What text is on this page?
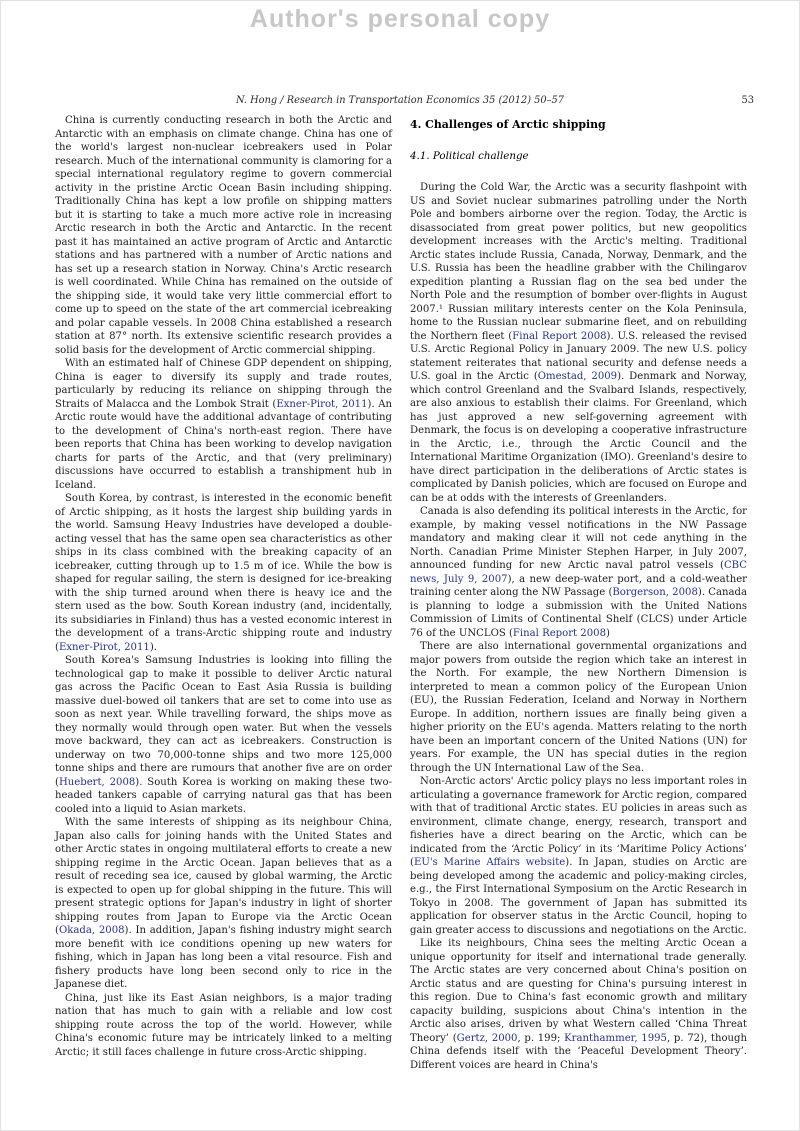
Author's personal copy
N. Hong / Research in Transportation Economics 35 (2012) 50–57	53

China is currently conducting research in both the Arctic and Antarctic with an emphasis on climate change. China has one of the world's largest non-nuclear icebreakers used in Polar research. Much of the international community is clamoring for a special international regulatory regime to govern commercial activity in the pristine Arctic Ocean Basin including shipping. Traditionally China has kept a low profile on shipping matters but it is starting to take a much more active role in increasing Arctic research in both the Arctic and Antarctic. In the recent past it has maintained an active program of Arctic and Antarctic stations and has partnered with a number of Arctic nations and has set up a research station in Norway. China's Arctic research is well coordinated. While China has remained on the outside of the shipping side, it would take very little commercial effort to come up to speed on the state of the art commercial icebreaking and polar capable vessels. In 2008 China established a research station at 87° north. Its extensive scientific research provides a solid basis for the development of Arctic commercial shipping.

With an estimated half of Chinese GDP dependent on shipping, China is eager to diversify its supply and trade routes, particularly by reducing its reliance on shipping through the Straits of Malacca and the Lombok Strait (Exner-Pirot, 2011). An Arctic route would have the additional advantage of contributing to the development of China's north-east region. There have been reports that China has been working to develop navigation charts for parts of the Arctic, and that (very preliminary) discussions have occurred to establish a transhipment hub in Iceland.

South Korea, by contrast, is interested in the economic benefit of Arctic shipping, as it hosts the largest ship building yards in the world. Samsung Heavy Industries have developed a double-acting vessel that has the same open sea characteristics as other ships in its class combined with the breaking capacity of an icebreaker, cutting through up to 1.5 m of ice. While the bow is shaped for regular sailing, the stern is designed for ice-breaking with the ship turned around when there is heavy ice and the stern used as the bow. South Korean industry (and, incidentally, its subsidiaries in Finland) thus has a vested economic interest in the development of a trans-Arctic shipping route and industry (Exner-Pirot, 2011).

South Korea's Samsung Industries is looking into filling the technological gap to make it possible to deliver Arctic natural gas across the Pacific Ocean to East Asia Russia is building massive duel-bowed oil tankers that are set to come into use as soon as next year. While travelling forward, the ships move as they normally would through open water. But when the vessels move backward, they can act as icebreakers. Construction is underway on two 70,000-tonne ships and two more 125,000 tonne ships and there are rumours that another five are on order (Huebert, 2008). South Korea is working on making these two-headed tankers capable of carrying natural gas that has been cooled into a liquid to Asian markets.

With the same interests of shipping as its neighbour China, Japan also calls for joining hands with the United States and other Arctic states in ongoing multilateral efforts to create a new shipping regime in the Arctic Ocean. Japan believes that as a result of receding sea ice, caused by global warming, the Arctic is expected to open up for global shipping in the future. This will present strategic options for Japan's industry in light of shorter shipping routes from Japan to Europe via the Arctic Ocean (Okada, 2008). In addition, Japan's fishing industry might search more benefit with ice conditions opening up new waters for fishing, which in Japan has long been a vital resource. Fish and fishery products have long been second only to rice in the Japanese diet.

China, just like its East Asian neighbors, is a major trading nation that has much to gain with a reliable and low cost shipping route across the top of the world. However, while China's economic future may be intricately linked to a melting Arctic; it still faces challenge in future cross-Arctic shipping.

4. Challenges of Arctic shipping
4.1. Political challenge

During the Cold War, the Arctic was a security flashpoint with US and Soviet nuclear submarines patrolling under the North Pole and bombers airborne over the region. Today, the Arctic is disassociated from great power politics, but new geopolitics development increases with the Arctic's melting. Traditional Arctic states include Russia, Canada, Norway, Denmark, and the U.S. Russia has been the headline grabber with the Chilingarov expedition planting a Russian flag on the sea bed under the North Pole and the resumption of bomber over-flights in August 2007.¹ Russian military interests center on the Kola Peninsula, home to the Russian nuclear submarine fleet, and on rebuilding the Northern fleet (Final Report 2008). U.S. released the revised U.S. Arctic Regional Policy in January 2009. The new U.S. policy statement reiterates that national security and defense needs a U.S. goal in the Arctic (Omestad, 2009). Denmark and Norway, which control Greenland and the Svalbard Islands, respectively, are also anxious to establish their claims. For Greenland, which has just approved a new self-governing agreement with Denmark, the focus is on developing a cooperative infrastructure in the Arctic, i.e., through the Arctic Council and the International Maritime Organization (IMO). Greenland's desire to have direct participation in the deliberations of Arctic states is complicated by Danish policies, which are focused on Europe and can be at odds with the interests of Greenlanders.

Canada is also defending its political interests in the Arctic, for example, by making vessel notifications in the NW Passage mandatory and making clear it will not cede anything in the North. Canadian Prime Minister Stephen Harper, in July 2007, announced funding for new Arctic naval patrol vessels (CBC news, July 9, 2007), a new deep-water port, and a cold-weather training center along the NW Passage (Borgerson, 2008). Canada is planning to lodge a submission with the United Nations Commission of Limits of Continental Shelf (CLCS) under Article 76 of the UNCLOS (Final Report 2008)

There are also international governmental organizations and major powers from outside the region which take an interest in the North. For example, the new Northern Dimension is interpreted to mean a common policy of the European Union (EU), the Russian Federation, Iceland and Norway in Northern Europe. In addition, northern issues are finally being given a higher priority on the EU's agenda. Matters relating to the north have been an important concern of the United Nations (UN) for years. For example, the UN has special duties in the region through the UN International Law of the Sea.

Non-Arctic actors' Arctic policy plays no less important roles in articulating a governance framework for Arctic region, compared with that of traditional Arctic states. EU policies in areas such as environment, climate change, energy, research, transport and fisheries have a direct bearing on the Arctic, which can be indicated from the ‘Arctic Policy’ in its ‘Maritime Policy Actions’ (EU's Marine Affairs website). In Japan, studies on Arctic are being developed among the academic and policy-making circles, e.g., the First International Symposium on the Arctic Research in Tokyo in 2008. The government of Japan has submitted its application for observer status in the Arctic Council, hoping to gain greater access to discussions and negotiations on the Arctic.

Like its neighbours, China sees the melting Arctic Ocean a unique opportunity for itself and international trade generally. The Arctic states are very concerned about China's position on Arctic status and are questing for China's pursuing interest in this region. Due to China's fast economic growth and military capacity building, suspicions about China's intention in the Arctic also arises, driven by what Western called ‘China Threat Theory’ (Gertz, 2000, p. 199; Kranthammer, 1995, p. 72), though China defends itself with the ‘Peaceful Development Theory’. Different voices are heard in China's
